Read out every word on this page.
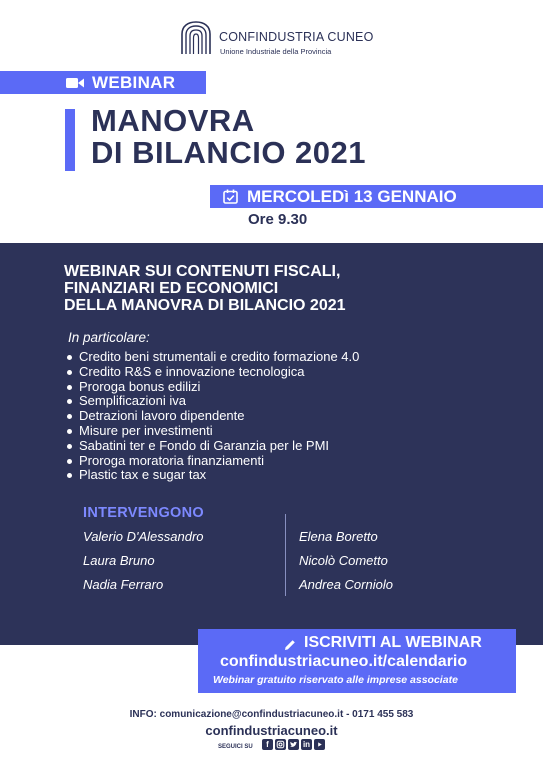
CONFINDUSTRIA CUNEO
Unione Industriale della Provincia
WEBINAR
MANOVRA
DI BILANCIO 2021
MERCOLEDì 13 GENNAIO
Ore 9.30
WEBINAR SUI CONTENUTI FISCALI,
FINANZIARI ED ECONOMICI
DELLA MANOVRA DI BILANCIO 2021
In particolare:
Credito beni strumentali e credito formazione 4.0
Credito R&S e innovazione tecnologica
Proroga bonus edilizi
Semplificazioni iva
Detrazioni lavoro dipendente
Misure per investimenti
Sabatini ter e Fondo di Garanzia per le PMI
Proroga moratoria finanziamenti
Plastic tax e sugar tax
INTERVENGONO
Valerio D'Alessandro
Laura Bruno
Nadia Ferraro
Elena Boretto
Nicolò Cometto
Andrea Corniolo
ISCRIVITI AL WEBINAR
confindustriacuneo.it/calendario
Webinar gratuito riservato alle imprese associate
INFO: comunicazione@confindustriacuneo.it - 0171 455 583
confindustriacuneo.it
SEGUICI SU	f	in
